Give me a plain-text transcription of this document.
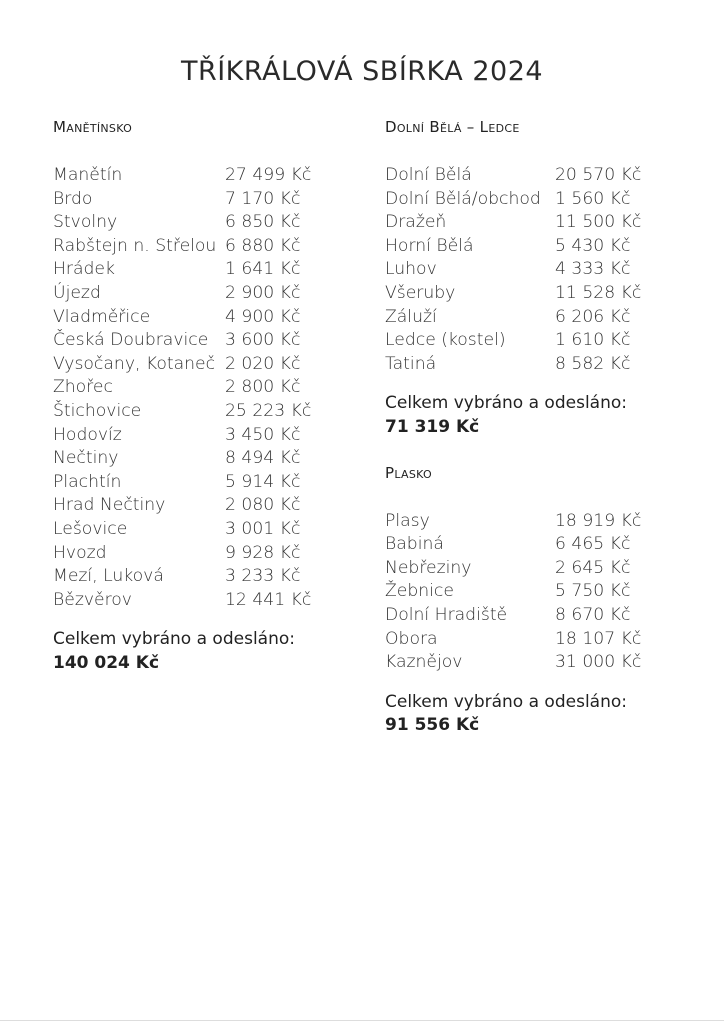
TŘÍKRÁLOVÁ SBÍRKA 2024
Manětínsko
Manětín	27 499 Kč
Brdo	7 170 Kč
Stvolny	6 850 Kč
Rabštejn n. Střelou 6 880 Kč
Hrádek	1 641 Kč
Újezd	2 900 Kč
Vladměřice	4 900 Kč
Česká Doubravice 3 600 Kč
Vysočany, Kotaneč 2 020 Kč
Zhořec	2 800 Kč
Štichovice	25 223 Kč
Hodovíz	3 450 Kč
Nečtiny	8 494 Kč
Plachtín	5 914 Kč
Hrad Nečtiny	2 080 Kč
Lešovice	3 001 Kč
Hvozd	9 928 Kč
Mezí, Luková	3 233 Kč
Bězvěrov	12 441 Kč
Celkem vybráno a odesláno:
140 024 Kč
Dolní Bělá – Ledce
Dolní Bělá	20 570 Kč
Dolní Bělá/obchod 1 560 Kč
Dražeň	11 500 Kč
Horní Bělá	5 430 Kč
Luhov	4 333 Kč
Všeruby	11 528 Kč
Záluží	6 206 Kč
Ledce (kostel)	1 610 Kč
Tatiná	8 582 Kč
Celkem vybráno a odesláno:
71 319 Kč
Plasko
Plasy	18 919 Kč
Babiná	6 465 Kč
Nebřeziny	2 645 Kč
Žebnice	5 750 Kč
Dolní Hradiště	8 670 Kč
Obora	18 107 Kč
Kaznějov	31 000 Kč
Celkem vybráno a odesláno:
91 556 Kč
